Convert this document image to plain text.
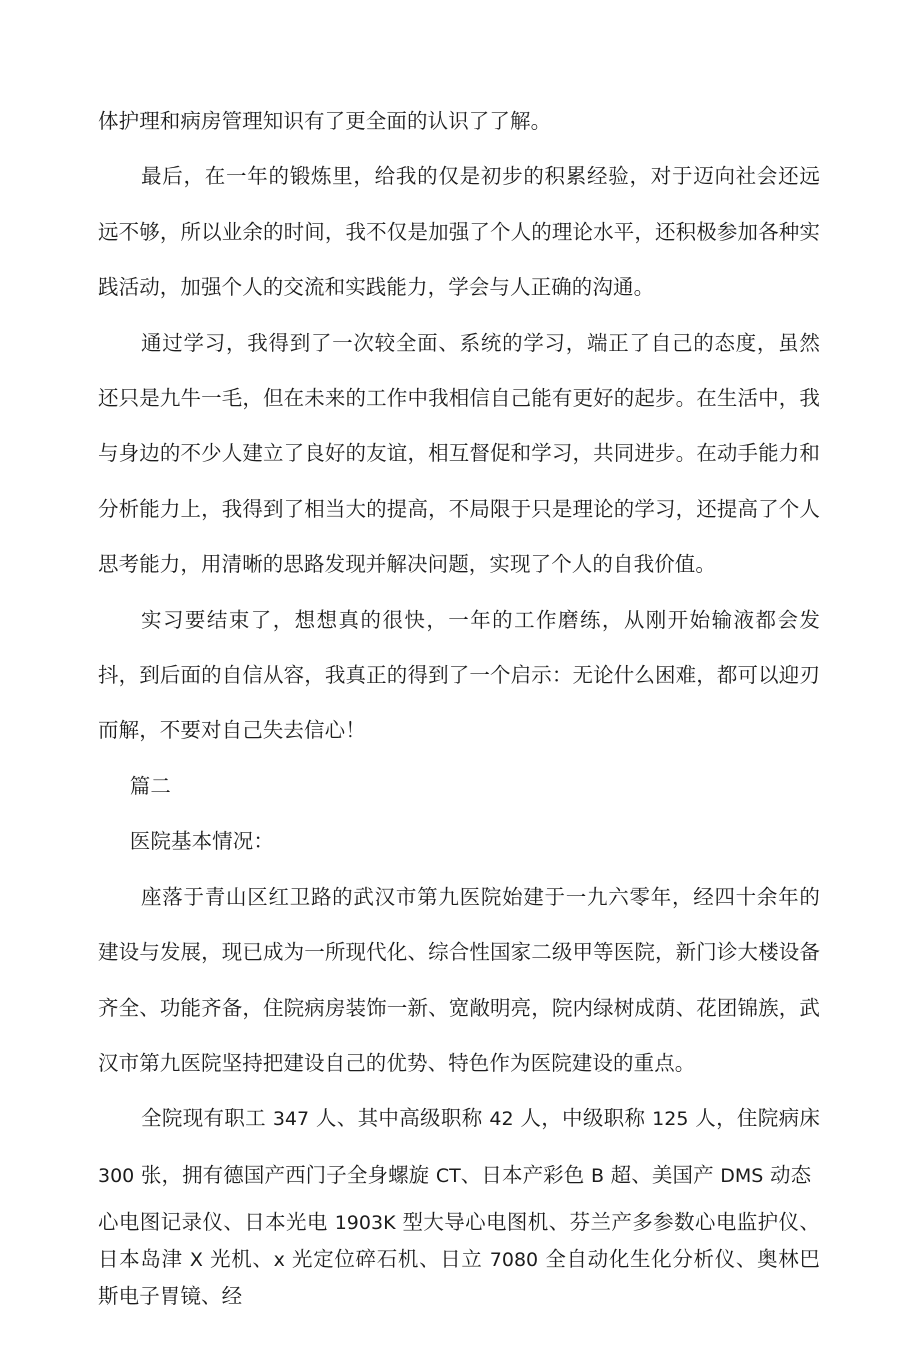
体护理和病房管理知识有了更全面的认识了了解。

最后，在一年的锻炼里，给我的仅是初步的积累经验，对于迈向社会还远远不够，所以业余的时间，我不仅是加强了个人的理论水平，还积极参加各种实践活动，加强个人的交流和实践能力，学会与人正确的沟通。

通过学习，我得到了一次较全面、系统的学习，端正了自己的态度，虽然还只是九牛一毛，但在未来的工作中我相信自己能有更好的起步。在生活中，我与身边的不少人建立了良好的友谊，相互督促和学习，共同进步。在动手能力和分析能力上，我得到了相当大的提高，不局限于只是理论的学习，还提高了个人思考能力，用清晰的思路发现并解决问题，实现了个人的自我价值。

实习要结束了，想想真的很快，一年的工作磨练，从刚开始输液都会发抖，到后面的自信从容，我真正的得到了一个启示：无论什么困难，都可以迎刃而解，不要对自己失去信心！

篇二

医院基本情况：

座落于青山区红卫路的武汉市第九医院始建于一九六零年，经四十余年的建设与发展，现已成为一所现代化、综合性国家二级甲等医院，新门诊大楼设备齐全、功能齐备，住院病房装饰一新、宽敞明亮，院内绿树成荫、花团锦族，武汉市第九医院坚持把建设自己的优势、特色作为医院建设的重点。

全院现有职工 347 人、其中高级职称 42 人，中级职称 125 人，住院病床 300 张，拥有德国产西门子全身螺旋 CT、日本产彩色 B 超、美国产 DMS 动态

心电图记录仪、日本光电 1903K 型大导心电图机、芬兰产多参数心电监护仪、日本岛津 X 光机、x 光定位碎石机、日立 7080 全自动化生化分析仪、奥林巴斯电子胃镜、经
